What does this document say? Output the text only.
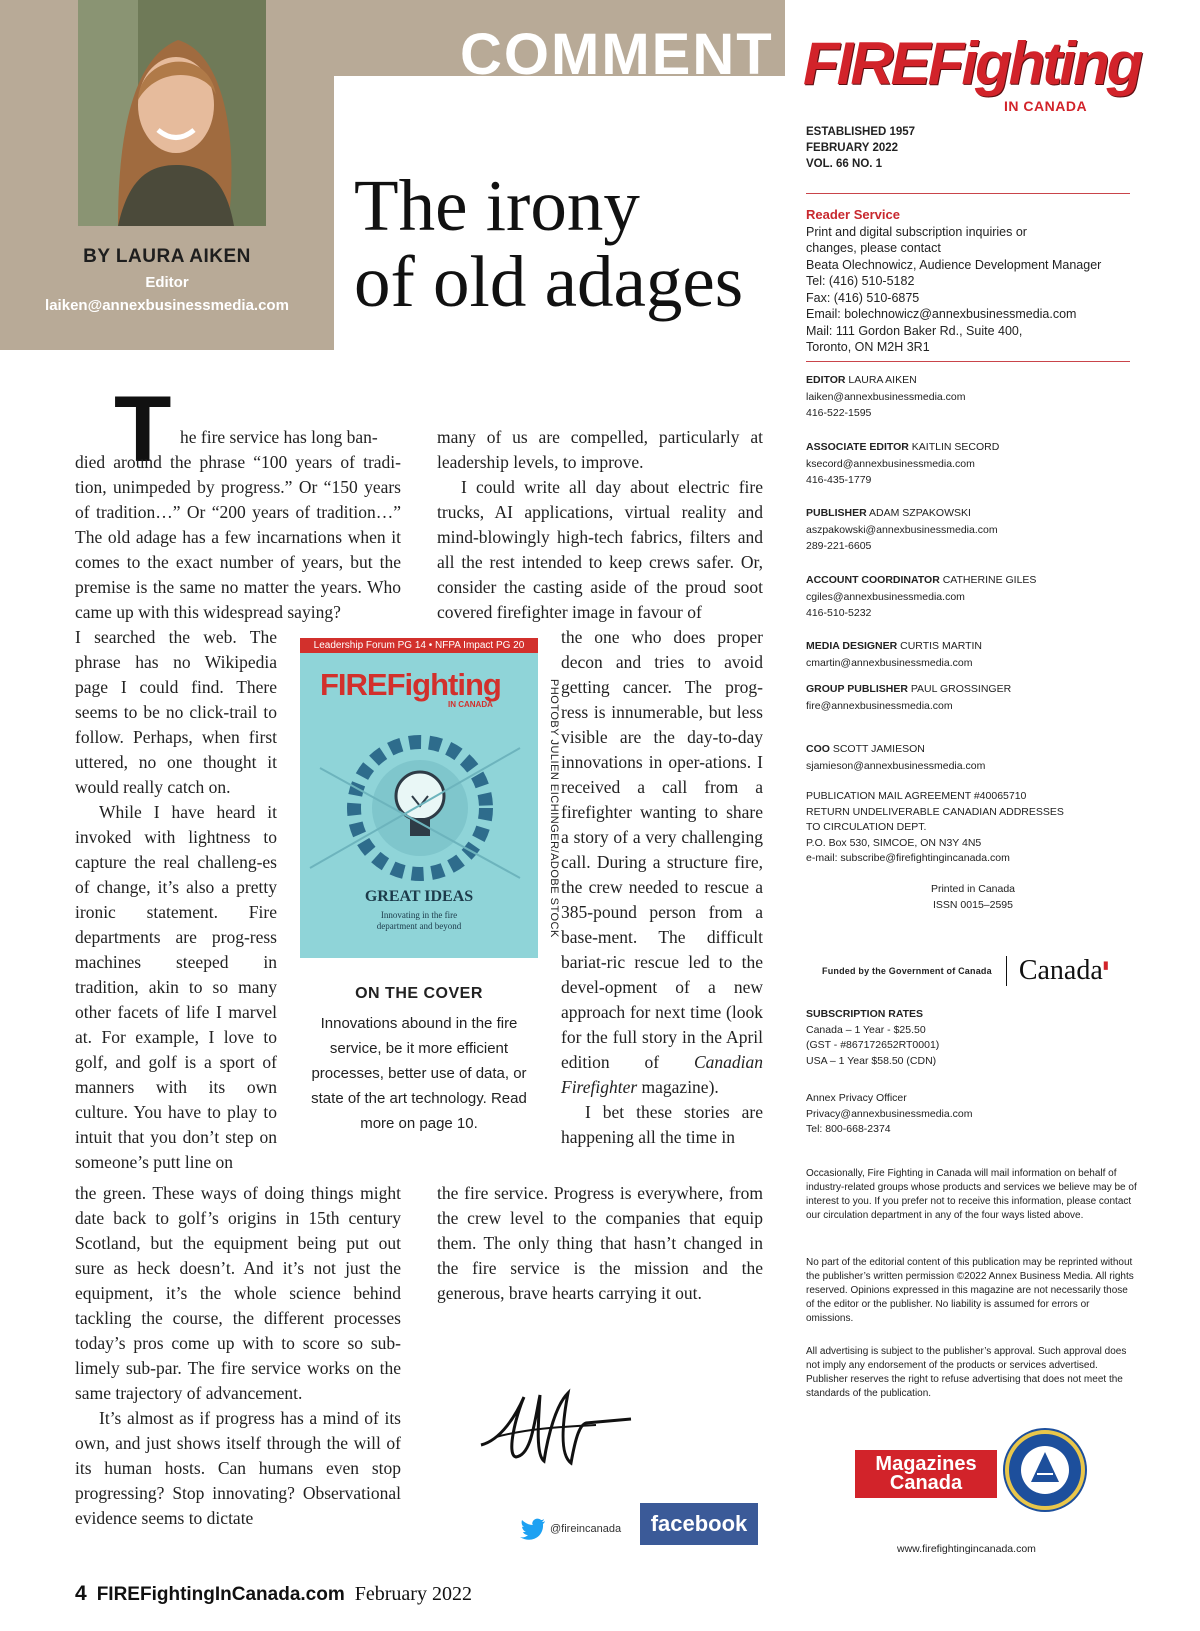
COMMENT
BY LAURA AIKEN
Editor
laiken@annexbusinessmedia.com
The irony
of old adages
T he fire service has long ban-

died around the phrase “100 years of tradi-tion, unimpeded by progress.” Or “150 years of tradition…” Or “200 years of tradition…” The old adage has a few incarnations when it comes to the exact number of years, but the premise is the same no matter the years. Who came up with this widespread saying?

I searched the web. The phrase has no Wikipedia page I could find. There seems to be no click-trail to follow. Perhaps, when first uttered, no one thought it would really catch on.

While I have heard it invoked with lightness to capture the real challeng-es of change, it’s also a pretty ironic statement. Fire departments are prog-ress machines steeped in tradition, akin to so many other facets of life I marvel at. For example, I love to golf, and golf is a sport of manners with its own culture. You have to play to intuit that you don’t step on someone’s putt line on

the green. These ways of doing things might date back to golf’s origins in 15th century Scotland, but the equipment being put out sure as heck doesn’t. And it’s not just the equipment, it’s the whole science behind tackling the course, the different processes today’s pros come up with to score so sub-limely sub-par. The fire service works on the same trajectory of advancement.

It’s almost as if progress has a mind of its own, and just shows itself through the will of its human hosts. Can humans even stop progressing? Stop innovating? Observational evidence seems to dictate

many of us are compelled, particularly at leadership levels, to improve.

I could write all day about electric fire trucks, AI applications, virtual reality and mind-blowingly high-tech fabrics, filters and all the rest intended to keep crews safer. Or, consider the casting aside of the proud soot covered firefighter image in favour of

the one who does proper decon and tries to avoid getting cancer. The prog-ress is innumerable, but less visible are the day-to-day innovations in oper-ations. I received a call from a firefighter wanting to share a story of a very challenging call. During a structure fire, the crew needed to rescue a 385-pound person from a base-ment. The difficult bariat-ric rescue led to the devel-opment of a new approach for next time (look for the full story in the April edition of Canadian Firefighter magazine).

I bet these stories are happening all the time in

the fire service. Progress is everywhere, from the crew level to the companies that equip them. The only thing that hasn’t changed in the fire service is the mission and the generous, brave hearts carrying it out.

Leadership Forum PG 14 • NFPA Impact PG 20
FIREFighting
IN CANADA
GREAT IDEAS
Innovating in the fire
department and beyond	PHOTOBY JULIEN EICHINGER/ADOBE STOCK
ON THE COVER
Innovations abound in the fire service, be it more efficient processes, better use of data, or state of the art technology. Read more on page 10.
@fireincanada	facebook
4 FIREFightingInCanada.com February 2022
FIREFighting
IN CANADA
ESTABLISHED 1957
FEBRUARY 2022
VOL. 66 NO. 1
Reader Service
Print and digital subscription inquiries or
changes, please contact
Beata Olechnowicz, Audience Development Manager
Tel: (416) 510-5182
Fax: (416) 510-6875
Email: bolechnowicz@annexbusinessmedia.com
Mail: 111 Gordon Baker Rd., Suite 400,
Toronto, ON M2H 3R1
EDITOR LAURA AIKEN
laiken@annexbusinessmedia.com
416-522-1595
ASSOCIATE EDITOR KAITLIN SECORD
ksecord@annexbusinessmedia.com
416-435-1779
PUBLISHER ADAM SZPAKOWSKI
aszpakowski@annexbusinessmedia.com
289-221-6605
ACCOUNT COORDINATOR CATHERINE GILES
cgiles@annexbusinessmedia.com
416-510-5232
MEDIA DESIGNER CURTIS MARTIN
cmartin@annexbusinessmedia.com
GROUP PUBLISHER PAUL GROSSINGER
fire@annexbusinessmedia.com
COO SCOTT JAMIESON
sjamieson@annexbusinessmedia.com
PUBLICATION MAIL AGREEMENT #40065710
RETURN UNDELIVERABLE CANADIAN ADDRESSES
TO CIRCULATION DEPT.
P.O. Box 530, SIMCOE, ON N3Y 4N5
e-mail: subscribe@firefightingincanada.com
Printed in Canada
ISSN 0015–2595
Funded by the Government of Canada Canada▮
SUBSCRIPTION RATES
Canada – 1 Year - $25.50
(GST - #867172652RT0001)
USA – 1 Year $58.50 (CDN)
Annex Privacy Officer
Privacy@annexbusinessmedia.com
Tel: 800-668-2374
Occasionally, Fire Fighting in Canada will mail information on behalf of industry-related groups whose products and services we believe may be of interest to you. If you prefer not to receive this information, please contact our circulation department in any of the four ways listed above.
No part of the editorial content of this publication may be reprinted without the publisher’s written permission ©2022 Annex Business Media. All rights reserved. Opinions expressed in this magazine are not necessarily those of the editor or the publisher. No liability is assumed for errors or omissions.
All advertising is subject to the publisher’s approval. Such approval does not imply any endorsement of the products or services advertised. Publisher reserves the right to refuse advertising that does not meet the standards of the publication.
Magazines
Canada
www.firefightingincanada.com
